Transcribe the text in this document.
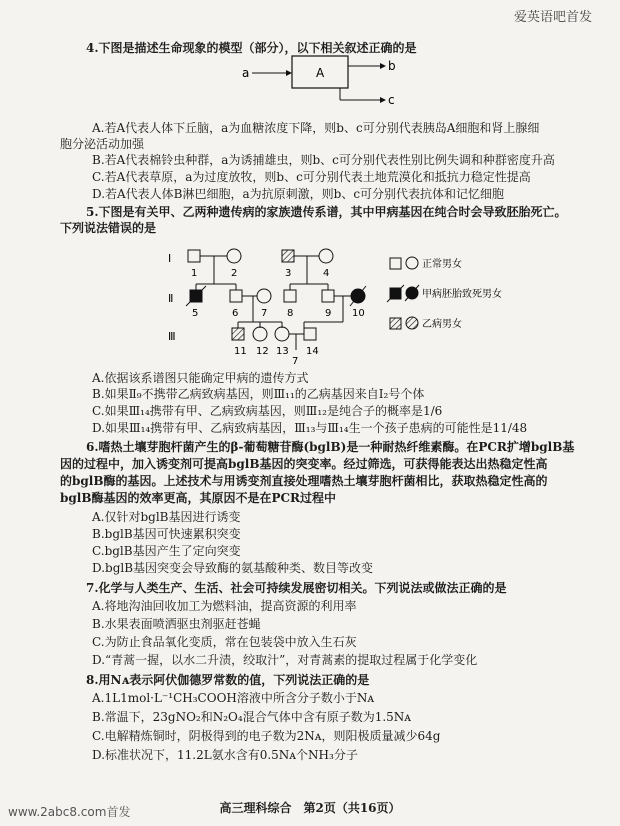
爱英语吧首发
4.下图是描述生命现象的模型（部分），以下相关叙述正确的是
a	A	b
c
A.若A代表人体下丘脑，a为血糖浓度下降，则b、c可分别代表胰岛A细胞和肾上腺细
胞分泌活动加强
B.若A代表棉铃虫种群，a为诱捕雄虫，则b、c可分别代表性别比例失调和种群密度升高
C.若A代表草原，a为过度放牧，则b、c可分别代表土地荒漠化和抵抗力稳定性提高
D.若A代表人体B淋巴细胞，a为抗原刺激，则b、c可分别代表抗体和记忆细胞
5.下图是有关甲、乙两种遗传病的家族遗传系谱，其中甲病基因在纯合时会导致胚胎死亡。
下列说法错误的是
Ⅰ
Ⅱ
Ⅲ
1	2	3	4
5	6 7 8	9 10
11 12 13 14
7
正常男女
甲病胚胎致死男女
乙病男女
A.依据该系谱图只能确定甲病的遗传方式
B.如果Ⅱ₉不携带乙病致病基因，则Ⅲ₁₁的乙病基因来自Ⅰ₂号个体
C.如果Ⅲ₁₄携带有甲、乙病致病基因，则Ⅲ₁₂是纯合子的概率是1/6
D.如果Ⅲ₁₄携带有甲、乙病致病基因，Ⅲ₁₃与Ⅲ₁₄生一个孩子患病的可能性是11/48
6.嗜热土壤芽胞杆菌产生的β-葡萄糖苷酶(bglB)是一种耐热纤维素酶。在PCR扩增bglB基
因的过程中，加入诱变剂可提高bglB基因的突变率。经过筛选，可获得能表达出热稳定性高
的bglB酶的基因。上述技术与用诱变剂直接处理嗜热土壤芽胞杆菌相比，获取热稳定性高的
bglB酶基因的效率更高，其原因不是在PCR过程中
A.仅针对bglB基因进行诱变
B.bglB基因可快速累积突变
C.bglB基因产生了定向突变
D.bglB基因突变会导致酶的氨基酸种类、数目等改变
7.化学与人类生产、生活、社会可持续发展密切相关。下列说法或做法正确的是
A.将地沟油回收加工为燃料油，提高资源的利用率
B.水果表面喷洒驱虫剂驱赶苍蝇
C.为防止食品氧化变质，常在包装袋中放入生石灰
D.“青蒿一握，以水二升渍，绞取汁”，对青蒿素的提取过程属于化学变化
8.用Nᴀ表示阿伏伽德罗常数的值，下列说法正确的是
A.1L1mol·L⁻¹CH₃COOH溶液中所含分子数小于Nᴀ
B.常温下，23gNO₂和N₂O₄混合气体中含有原子数为1.5Nᴀ
C.电解精炼铜时，阴极得到的电子数为2Nᴀ，则阳极质量减少64g
D.标准状况下，11.2L氨水含有0.5Nᴀ个NH₃分子
高三理科综合　第2页（共16页）
www.2abc8.com首发
